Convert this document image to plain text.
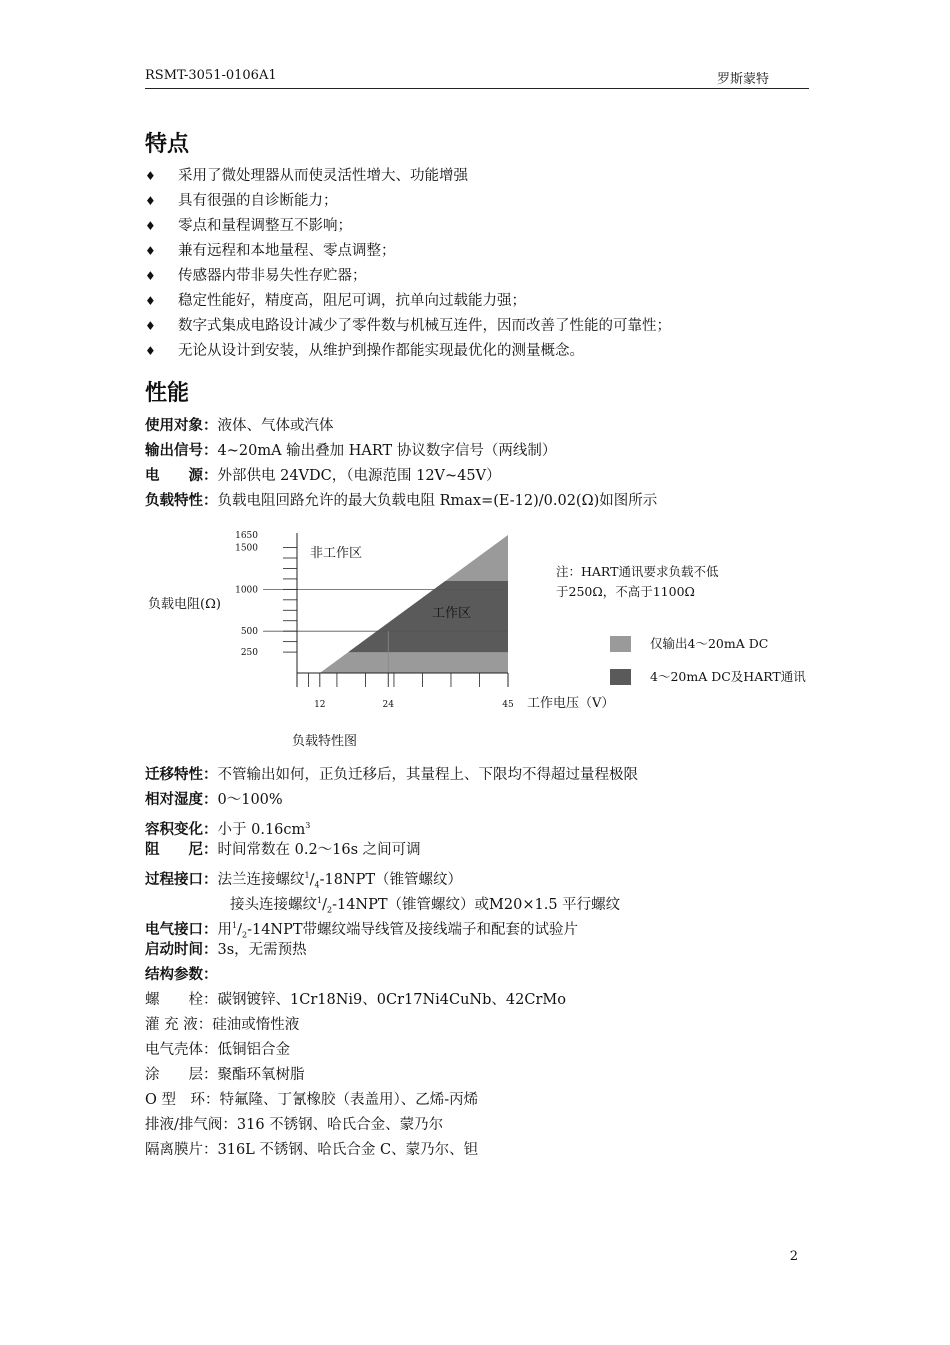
RSMT-3051-0106A1	罗斯蒙特
特点
♦ 采用了微处理器从而使灵活性增大、功能增强
♦ 具有很强的自诊断能力；
♦ 零点和量程调整互不影响；
♦ 兼有远程和本地量程、零点调整；
♦ 传感器内带非易失性存贮器；
♦ 稳定性能好，精度高，阻尼可调，抗单向过载能力强；
♦ 数字式集成电路设计减少了零件数与机械互连件，因而改善了性能的可靠性；
♦ 无论从设计到安装，从维护到操作都能实现最优化的测量概念。
性能
使用对象：液体、气体或汽体
输出信号：4~20mA 输出叠加 HART 协议数字信号（两线制）
电　　源：外部供电 24VDC，（电源范围 12V~45V）
负载特性：负载电阻回路允许的最大负载电阻 Rmax=(E-12)/0.02(Ω)如图所示
1650
1500
1000
500
250
12	24	45
负载电阻(Ω)
工作电压（V）
非工作区
工作区
注：HART通讯要求负载不低
于250Ω，不高于1100Ω
仅输出4～20mA DC
4～20mA DC及HART通讯
负载特性图
迁移特性：不管输出如何，正负迁移后，其量程上、下限均不得超过量程极限
相对湿度：0～100%
容积变化：小于 $0.16cm^3$
阻　　尼：时间常数在 0.2～16s 之间可调
过程接口：法兰连接螺纹$^1/_4-18NPT$（锥管螺纹）
接头连接螺纹$^1/_2-14NPT$（锥管螺纹）或M20×1.5 平行螺纹
电气接口：用$^1/_2-14NPT$带螺纹端导线管及接线端子和配套的试验片
启动时间：3s，无需预热
结构参数：
螺　　栓：碳钢镀锌、1Cr18Ni9、0Cr17Ni4CuNb、42CrMo
灌 充 液：硅油或惰性液
电气壳体：低铜铝合金
涂　　层：聚酯环氧树脂
O 型　环：特氟隆、丁氰橡胶（表盖用）、乙烯-丙烯
排液/排气阀：316 不锈钢、哈氏合金、蒙乃尔
隔离膜片：316L 不锈钢、哈氏合金 C、蒙乃尔、钽
2
